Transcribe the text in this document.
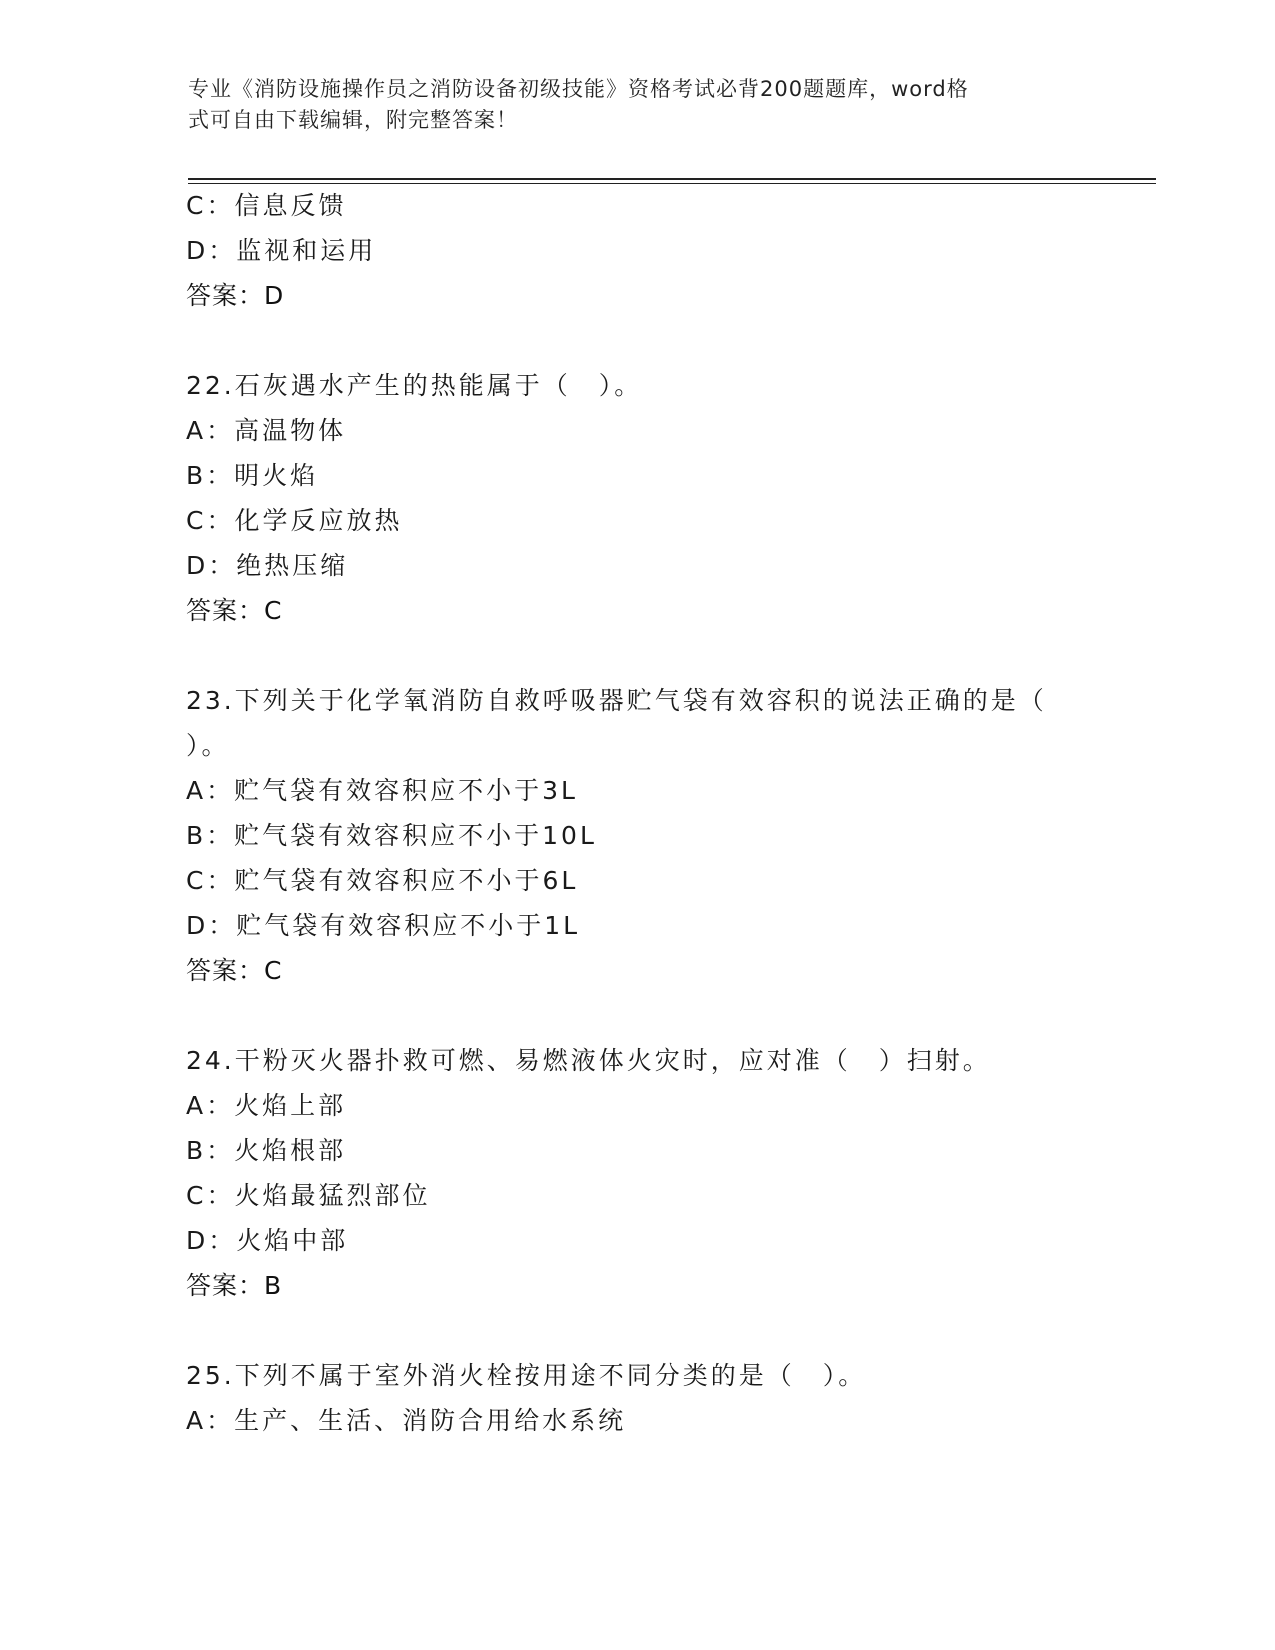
专业《消防设施操作员之消防设备初级技能》资格考试必背200题题库，word格
式可自由下载编辑，附完整答案！
C：信息反馈
D：监视和运用
答案：D
22.石灰遇水产生的热能属于（　）。
A：高温物体
B：明火焰
C：化学反应放热
D：绝热压缩
答案：C
23.下列关于化学氧消防自救呼吸器贮气袋有效容积的说法正确的是（
）。
A：贮气袋有效容积应不小于3L
B：贮气袋有效容积应不小于10L
C：贮气袋有效容积应不小于6L
D：贮气袋有效容积应不小于1L
答案：C
24.干粉灭火器扑救可燃、易燃液体火灾时，应对准（　）扫射。
A：火焰上部
B：火焰根部
C：火焰最猛烈部位
D：火焰中部
答案：B
25.下列不属于室外消火栓按用途不同分类的是（　）。
A：生产、生活、消防合用给水系统
